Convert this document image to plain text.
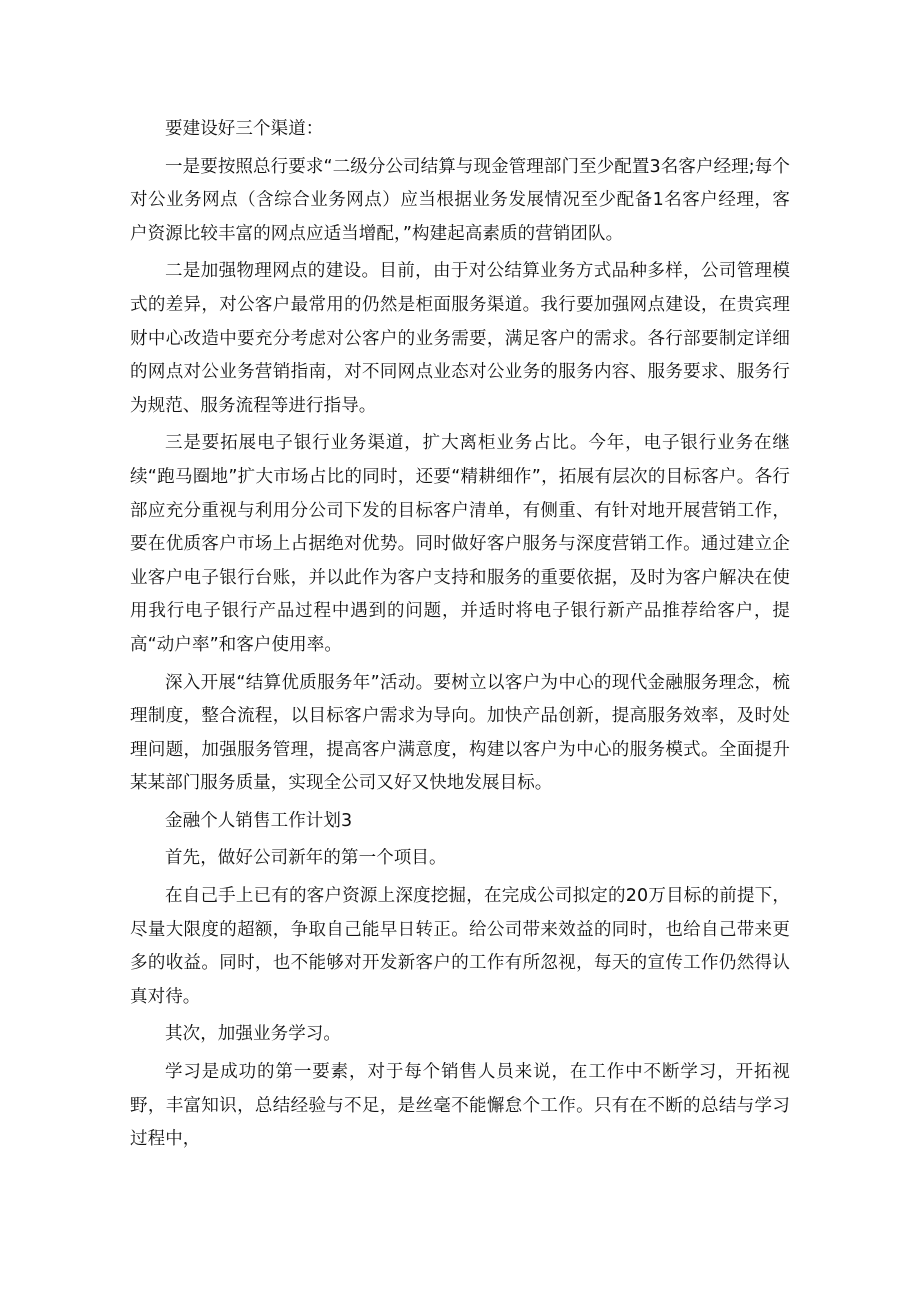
要建设好三个渠道：

一是要按照总行要求“二级分公司结算与现金管理部门至少配置3名客户经理;每个对公业务网点（含综合业务网点）应当根据业务发展情况至少配备1名客户经理，客户资源比较丰富的网点应适当增配，”构建起高素质的营销团队。

二是加强物理网点的建设。目前，由于对公结算业务方式品种多样，公司管理模式的差异，对公客户最常用的仍然是柜面服务渠道。我行要加强网点建设，在贵宾理财中心改造中要充分考虑对公客户的业务需要，满足客户的需求。各行部要制定详细的网点对公业务营销指南，对不同网点业态对公业务的服务内容、服务要求、服务行为规范、服务流程等进行指导。

三是要拓展电子银行业务渠道，扩大离柜业务占比。今年，电子银行业务在继续“跑马圈地”扩大市场占比的同时，还要“精耕细作”，拓展有层次的目标客户。各行部应充分重视与利用分公司下发的目标客户清单，有侧重、有针对地开展营销工作，要在优质客户市场上占据绝对优势。同时做好客户服务与深度营销工作。通过建立企业客户电子银行台账，并以此作为客户支持和服务的重要依据，及时为客户解决在使用我行电子银行产品过程中遇到的问题，并适时将电子银行新产品推荐给客户，提高“动户率”和客户使用率。

深入开展“结算优质服务年”活动。要树立以客户为中心的现代金融服务理念，梳理制度，整合流程，以目标客户需求为导向。加快产品创新，提高服务效率，及时处理问题，加强服务管理，提高客户满意度，构建以客户为中心的服务模式。全面提升某某部门服务质量，实现全公司又好又快地发展目标。

金融个人销售工作计划3

首先，做好公司新年的第一个项目。

在自己手上已有的客户资源上深度挖掘，在完成公司拟定的20万目标的前提下，尽量大限度的超额，争取自己能早日转正。给公司带来效益的同时，也给自己带来更多的收益。同时，也不能够对开发新客户的工作有所忽视，每天的宣传工作仍然得认真对待。

其次，加强业务学习。

学习是成功的第一要素，对于每个销售人员来说，在工作中不断学习，开拓视野，丰富知识，总结经验与不足，是丝毫不能懈怠个工作。只有在不断的总结与学习过程中，
